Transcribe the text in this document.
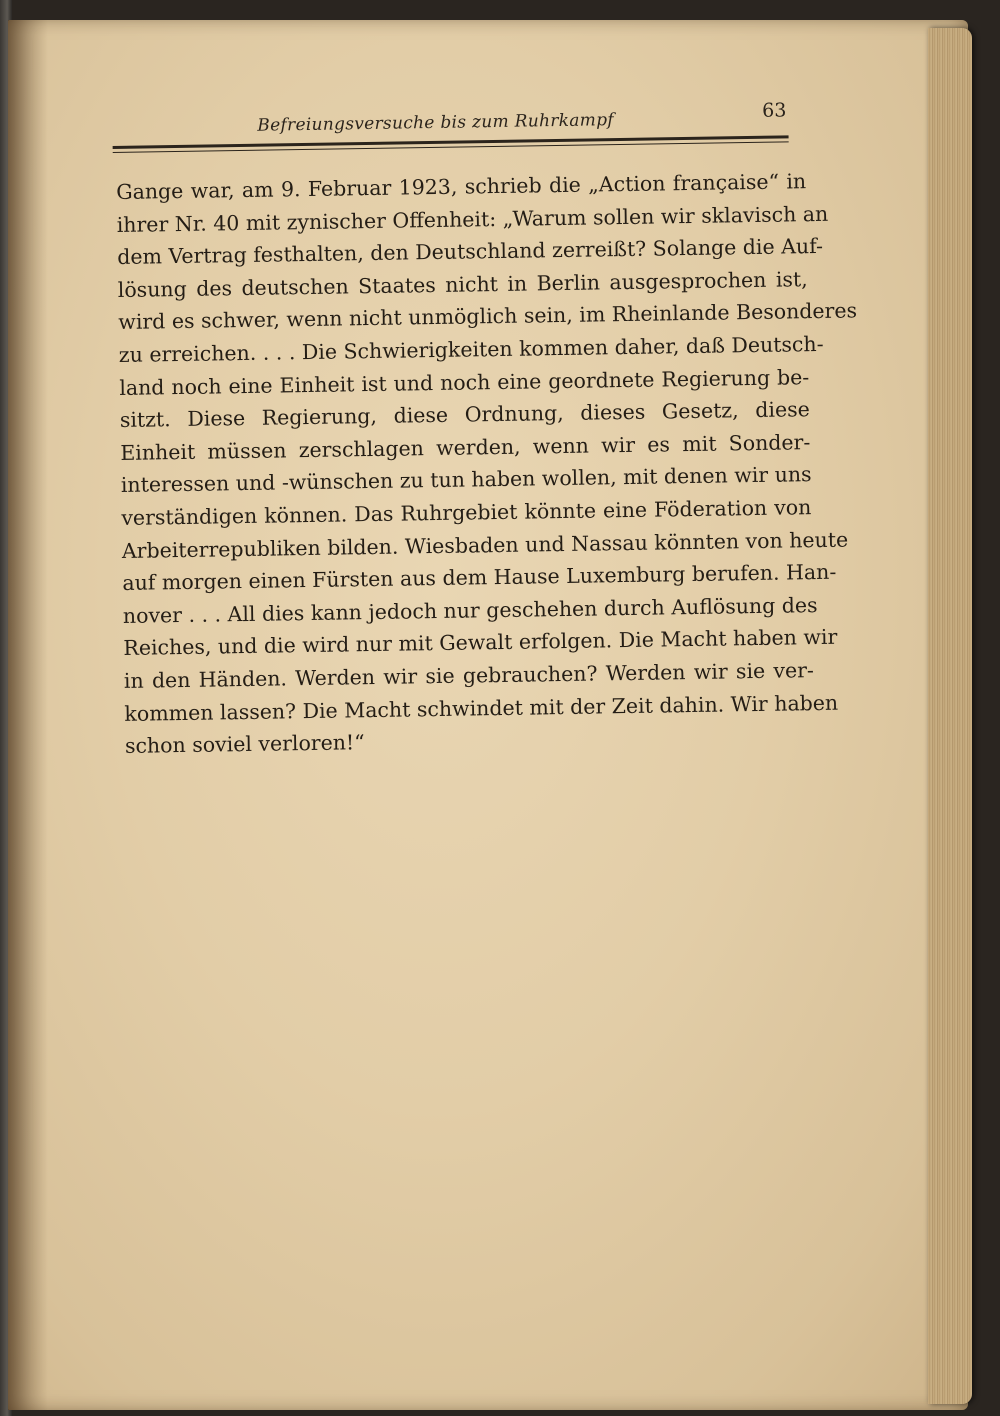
Befreiungsversuche bis zum Ruhrkampf	63
Gange war, am 9. Februar 1923, schrieb die „Action française“ in
ihrer Nr. 40 mit zynischer Offenheit: „Warum sollen wir sklavisch an
dem Vertrag festhalten, den Deutschland zerreißt? Solange die Auf-
lösung des deutschen Staates nicht in Berlin ausgesprochen ist,
wird es schwer, wenn nicht unmöglich sein, im Rheinlande Besonderes
zu erreichen. . . . Die Schwierigkeiten kommen daher, daß Deutsch-
land noch eine Einheit ist und noch eine geordnete Regierung be-
sitzt. Diese Regierung, diese Ordnung, dieses Gesetz, diese
Einheit müssen zerschlagen werden, wenn wir es mit Sonder-
interessen und -wünschen zu tun haben wollen, mit denen wir uns
verständigen können. Das Ruhrgebiet könnte eine Föderation von
Arbeiterrepubliken bilden. Wiesbaden und Nassau könnten von heute
auf morgen einen Fürsten aus dem Hause Luxemburg berufen. Han-
nover . . . All dies kann jedoch nur geschehen durch Auflösung des
Reiches, und die wird nur mit Gewalt erfolgen. Die Macht haben wir
in den Händen. Werden wir sie gebrauchen? Werden wir sie ver-
kommen lassen? Die Macht schwindet mit der Zeit dahin. Wir haben
schon soviel verloren!“
